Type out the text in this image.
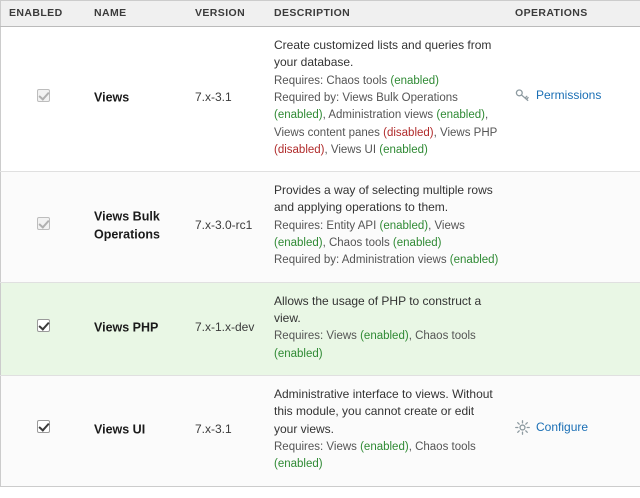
ENABLED	NAME	VERSION	DESCRIPTION	OPERATIONS
	Views	7.x-3.1	Create customized lists and queries from your database.
Requires: Chaos tools (enabled)
Required by: Views Bulk Operations (enabled), Administration views (enabled), Views content panes (disabled), Views PHP (disabled), Views UI (enabled)	Permissions

	Views Bulk Operations	7.x-3.0-rc1	Provides a way of selecting multiple rows and applying operations to them.
Requires: Entity API (enabled), Views (enabled), Chaos tools (enabled)
Required by: Administration views (enabled)	

	Views PHP	7.x-1.x-dev	Allows the usage of PHP to construct a view.
Requires: Views (enabled), Chaos tools (enabled)	

	Views UI	7.x-3.1	Administrative interface to views. Without this module, you cannot create or edit your views.
Requires: Views (enabled), Chaos tools (enabled)	Configure
